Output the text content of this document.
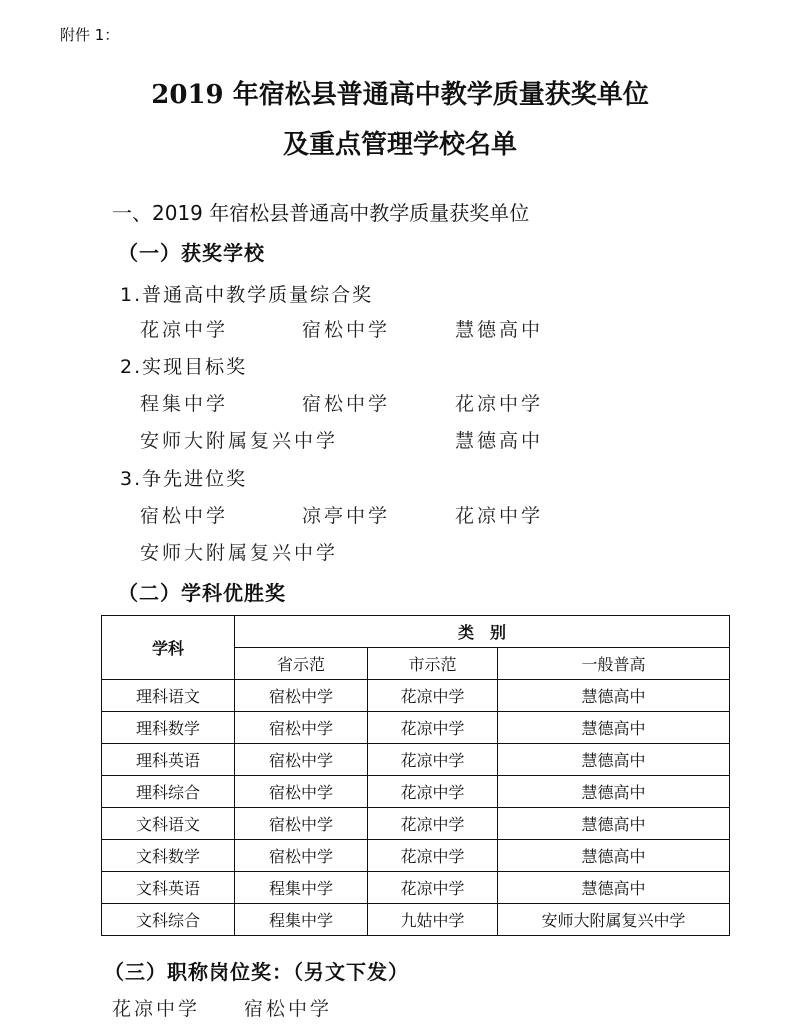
附件 1：
2019 年宿松县普通高中教学质量获奖单位
及重点管理学校名单
一、2019 年宿松县普通高中教学质量获奖单位
（一）获奖学校
1.普通高中教学质量综合奖
花凉中学	宿松中学	慧德高中
2.实现目标奖
程集中学	宿松中学	花凉中学
安师大附属复兴中学	慧德高中
3.争先进位奖
宿松中学	凉亭中学	花凉中学
安师大附属复兴中学
（二）学科优胜奖
学科	类　别		
	省示范	市示范	一般普高
理科语文	宿松中学	花凉中学	慧德高中
理科数学	宿松中学	花凉中学	慧德高中
理科英语	宿松中学	花凉中学	慧德高中
理科综合	宿松中学	花凉中学	慧德高中
文科语文	宿松中学	花凉中学	慧德高中
文科数学	宿松中学	花凉中学	慧德高中
文科英语	程集中学	花凉中学	慧德高中
文科综合	程集中学	九姑中学	安师大附属复兴中学
（三）职称岗位奖：（另文下发）
花凉中学 宿松中学
